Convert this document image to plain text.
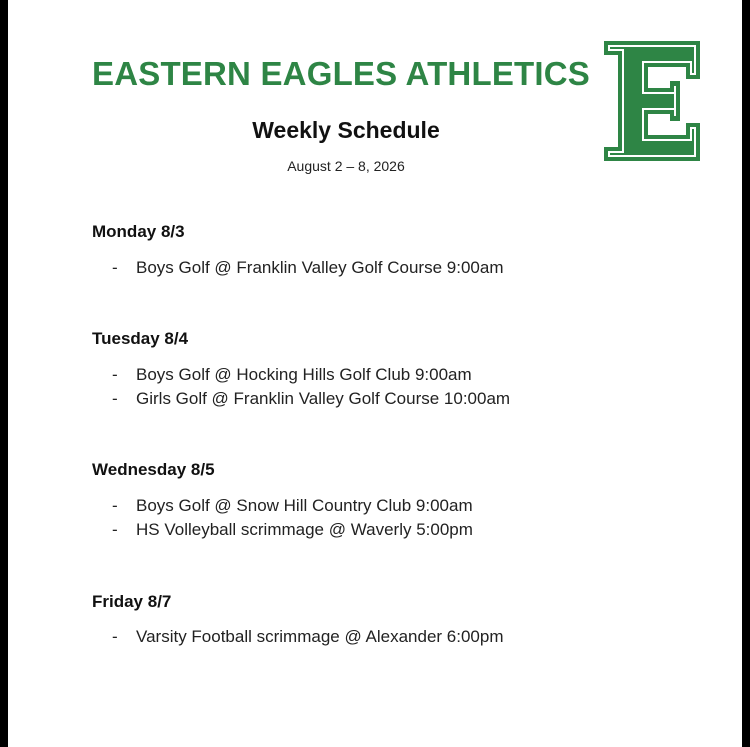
EASTERN EAGLES ATHLETICS
Weekly Schedule
August 2 – 8, 2026
Monday 8/3
- Boys Golf @ Franklin Valley Golf Course 9:00am
Tuesday 8/4
- Boys Golf @ Hocking Hills Golf Club 9:00am
- Girls Golf @ Franklin Valley Golf Course 10:00am
Wednesday 8/5
- Boys Golf @ Snow Hill Country Club 9:00am
- HS Volleyball scrimmage @ Waverly 5:00pm
Friday 8/7
- Varsity Football scrimmage @ Alexander 6:00pm
